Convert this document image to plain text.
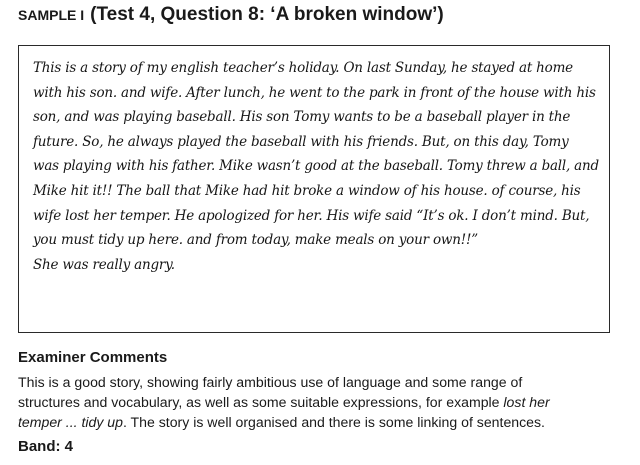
SAMPLE I (Test 4, Question 8: ‘A broken window’)
This is a story of my english teacher’s holiday. On last Sunday, he stayed at home
with his son. and wife. After lunch, he went to the park in front of the house with his
son, and was playing baseball. His son Tomy wants to be a baseball player in the
future. So, he always played the baseball with his friends. But, on this day, Tomy
was playing with his father. Mike wasn’t good at the baseball. Tomy threw a ball, and
Mike hit it!! The ball that Mike had hit broke a window of his house. of course, his
wife lost her temper. He apologized for her. His wife said “It’s ok. I don’t mind. But,
you must tidy up here. and from today, make meals on your own!!”
She was really angry.
Examiner Comments
This is a good story, showing fairly ambitious use of language and some range of
structures and vocabulary, as well as some suitable expressions, for example lost her
temper ... tidy up. The story is well organised and there is some linking of sentences.
Band: 4
